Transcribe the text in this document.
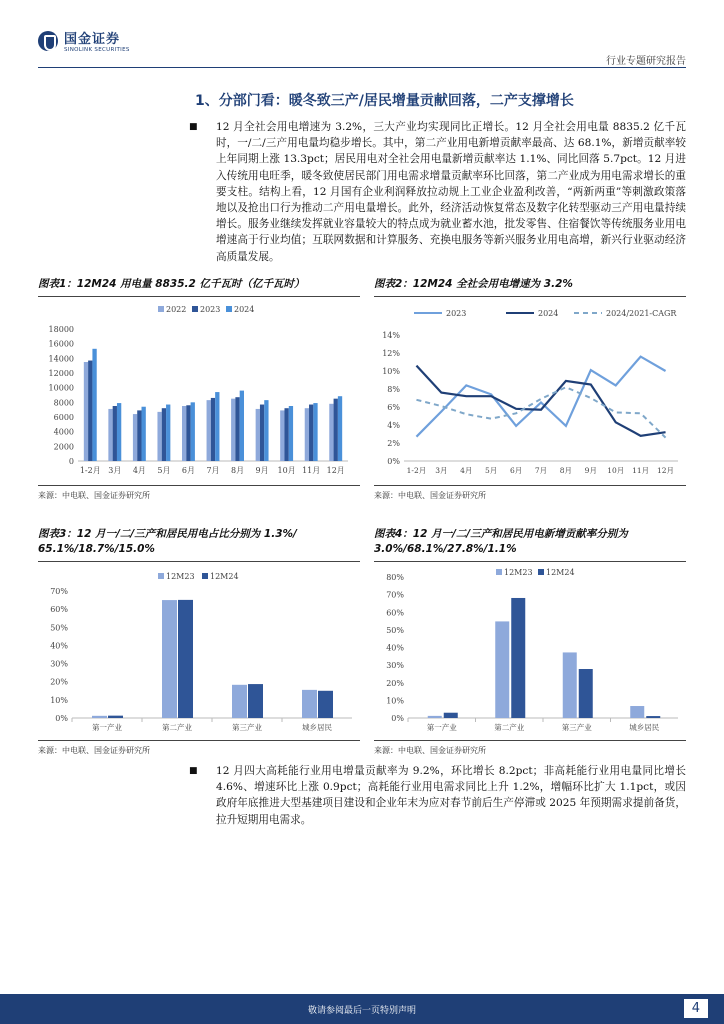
国金证券
SINOLINK SECURITIES
行业专题研究报告
1、分部门看：暖冬致三产/居民增量贡献回落，二产支撑增长
■ 12 月全社会用电增速为 3.2%，三大产业均实现同比正增长。12 月全社会用电量 8835.2 亿千瓦时，一/二/三产用电量均稳步增长。其中，第二产业用电新增贡献率最高、达 68.1%，新增贡献率较上年同期上涨 13.3pct；居民用电对全社会用电量新增贡献率达 1.1%、同比回落 5.7pct。12 月进入传统用电旺季，暖冬致使居民部门用电需求增量贡献率环比回落，第二产业成为用电需求增长的重要支柱。结构上看，12 月国有企业利润释放拉动规上工业企业盈利改善，“两新两重”等刺激政策落地以及抢出口行为推动二产用电量增长。此外，经济活动恢复常态及数字化转型驱动三产用电量持续增长。服务业继续发挥就业容量较大的特点成为就业蓄水池，批发零售、住宿餐饮等传统服务业用电增速高于行业均值；互联网数据和计算服务、充换电服务等新兴服务业用电高增，新兴行业驱动经济高质量发展。
图表1：12M24 用电量 8835.2 亿千瓦时（亿千瓦时）
0
2000
4000
6000
8000
10000
12000
14000
16000
18000
1-2月 3月 4月 5月 6月 7月 8月 9月 10月 11月 12月
2022 2023 2024
来源：中电联、国金证券研究所
图表2：12M24 全社会用电增速为 3.2%
0%
2%
4%
6%
8%
10%
12%
14%
1-2月 3月 4月 5月 6月 7月 8月 9月 10月 11月 12月
2023	2024	2024/2021-CAGR
来源：中电联、国金证券研究所
图表3：12 月一/二/三产和居民用电占比分别为 1.3%/
65.1%/18.7%/15.0%
0%
10%
20%
30%
40%
50%
60%
70%
第一产业	第二产业	第三产业	城乡居民
12M23 12M24
来源：中电联、国金证券研究所
图表4：12 月一/二/三产和居民用电新增贡献率分别为
3.0%/68.1%/27.8%/1.1%
0%
10%
20%
30%
40%
50%
60%
70%
80%
第一产业	第二产业	第三产业	城乡居民
12M23 12M24
来源：中电联、国金证券研究所
■ 12 月四大高耗能行业用电增量贡献率为 9.2%，环比增长 8.2pct；非高耗能行业用电量同比增长 4.6%、增速环比上涨 0.9pct；高耗能行业用电需求同比上升 1.2%，增幅环比扩大 1.1pct，或因政府年底推进大型基建项目建设和企业年末为应对春节前后生产停滞或 2025 年预期需求提前备货，拉升短期用电需求。
敬请参阅最后一页特别声明	4
